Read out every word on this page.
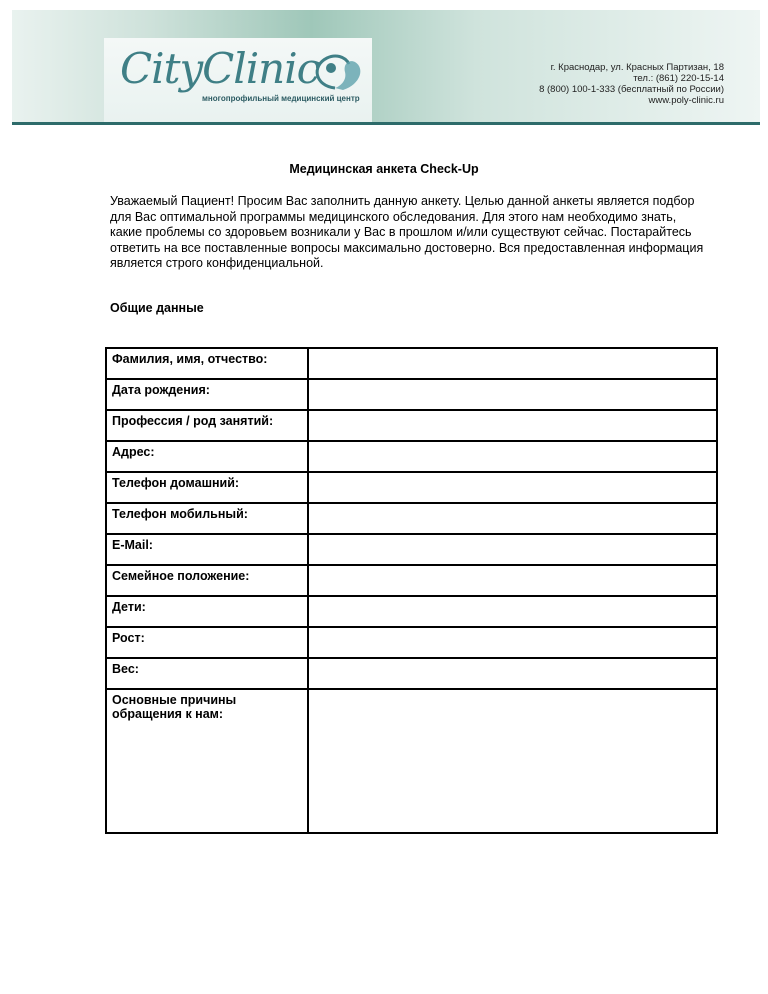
CityClinic
многопрофильный медицинский центр
г. Краснодар, ул. Красных Партизан, 18
тел.: (861) 220-15-14
8 (800) 100-1-333 (бесплатный по России)
www.poly-clinic.ru
Медицинская анкета Check-Up
Уважаемый Пациент! Просим Вас заполнить данную анкету. Целью данной анкеты является подбор для Вас оптимальной программы медицинского обследования. Для этого нам необходимо знать, какие проблемы со здоровьем возникали у Вас в прошлом и/или существуют сейчас. Постарайтесь ответить на все поставленные вопросы максимально достоверно. Вся предоставленная информация является строго конфиденциальной.
Общие данные
Фамилия, имя, отчество:	
Дата рождения:	
Профессия / род занятий:	
Адрес:	
Телефон домашний:	
Телефон мобильный:	
E-Mail:	
Семейное положение:	
Дети:	
Рост:	
Вес:	
Основные причины обращения к нам:	
